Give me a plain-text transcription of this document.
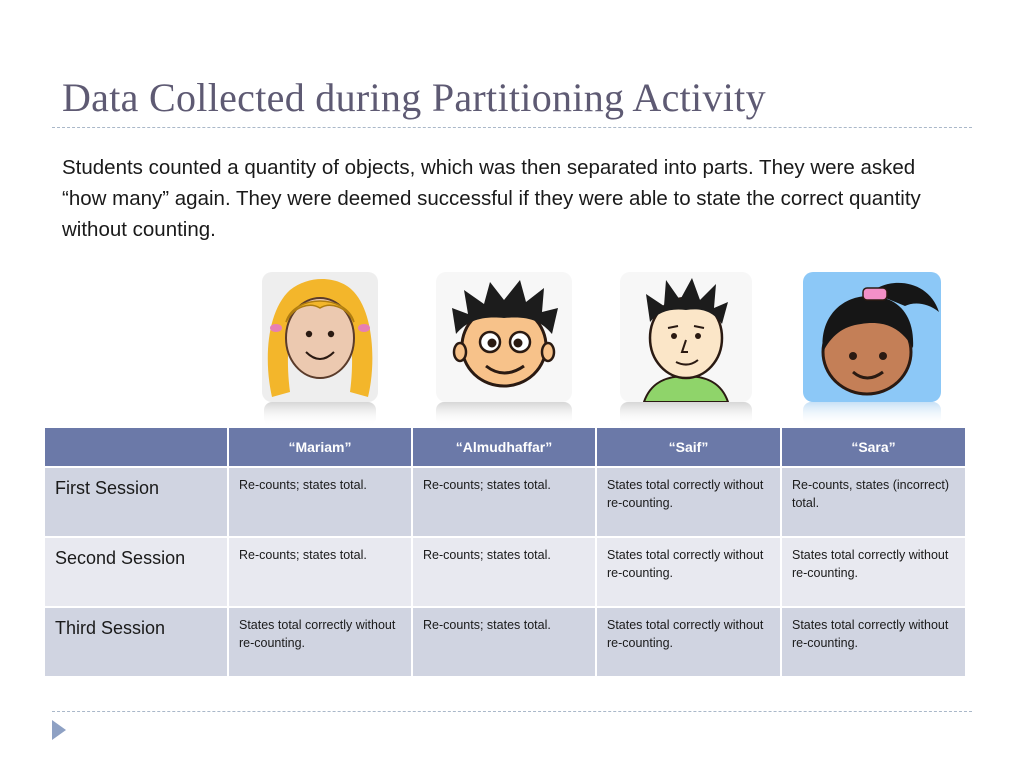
Data Collected during Partitioning Activity
Students counted a quantity of objects, which was then separated into parts. They were asked “how many” again. They were deemed successful if they were able to state the correct quantity without counting.
	“Mariam”	“Almudhaffar”	“Saif”	“Sara”
First Session	Re-counts; states total.	Re-counts; states total.	States total correctly without re-counting.	Re-counts, states (incorrect) total.
Second Session	Re-counts; states total.	Re-counts; states total.	States total correctly without re-counting.	States total correctly without re-counting.
Third Session	States total correctly without re-counting.	Re-counts; states total.	States total correctly without re-counting.	States total correctly without re-counting.
